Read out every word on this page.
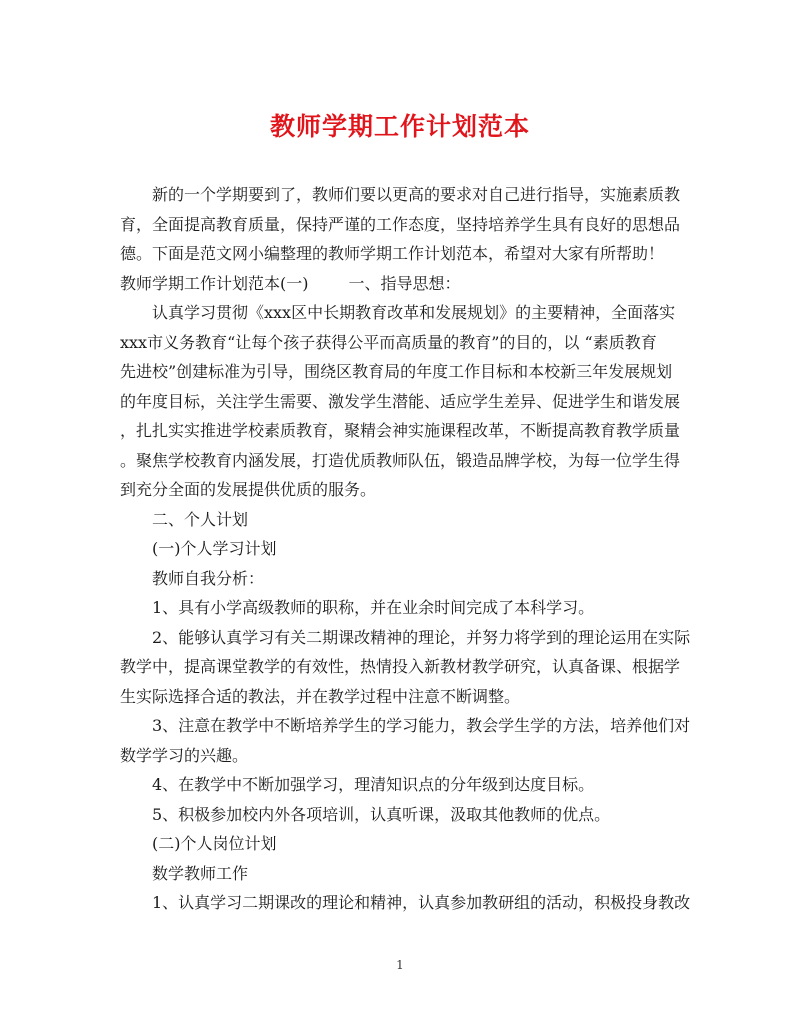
教师学期工作计划范本
新的一个学期要到了，教师们要以更高的要求对自己进行指导，实施素质教
育，全面提高教育质量，保持严谨的工作态度，坚持培养学生具有良好的思想品
德。下面是范文网小编整理的教师学期工作计划范本，希望对大家有所帮助！
教师学期工作计划范本(一)	一、指导思想：
认真学习贯彻《xxx区中长期教育改革和发展规划》的主要精神，全面落实
xxx市义务教育“让每个孩子获得公平而高质量的教育”的目的，以 “素质教育
先进校”创建标准为引导，围绕区教育局的年度工作目标和本校新三年发展规划
的年度目标，关注学生需要、激发学生潜能、适应学生差异、促进学生和谐发展
，扎扎实实推进学校素质教育，聚精会神实施课程改革，不断提高教育教学质量
。聚焦学校教育内涵发展，打造优质教师队伍，锻造品牌学校，为每一位学生得
到充分全面的发展提供优质的服务。
二、个人计划
(一)个人学习计划
教师自我分析：
1、具有小学高级教师的职称，并在业余时间完成了本科学习。
2、能够认真学习有关二期课改精神的理论，并努力将学到的理论运用在实际
教学中，提高课堂教学的有效性，热情投入新教材教学研究，认真备课、根据学
生实际选择合适的教法，并在教学过程中注意不断调整。
3、注意在教学中不断培养学生的学习能力，教会学生学的方法，培养他们对
数学学习的兴趣。
4、在教学中不断加强学习，理清知识点的分年级到达度目标。
5、积极参加校内外各项培训，认真听课，汲取其他教师的优点。
(二)个人岗位计划
数学教师工作
1、认真学习二期课改的理论和精神，认真参加教研组的活动，积极投身教改
1
